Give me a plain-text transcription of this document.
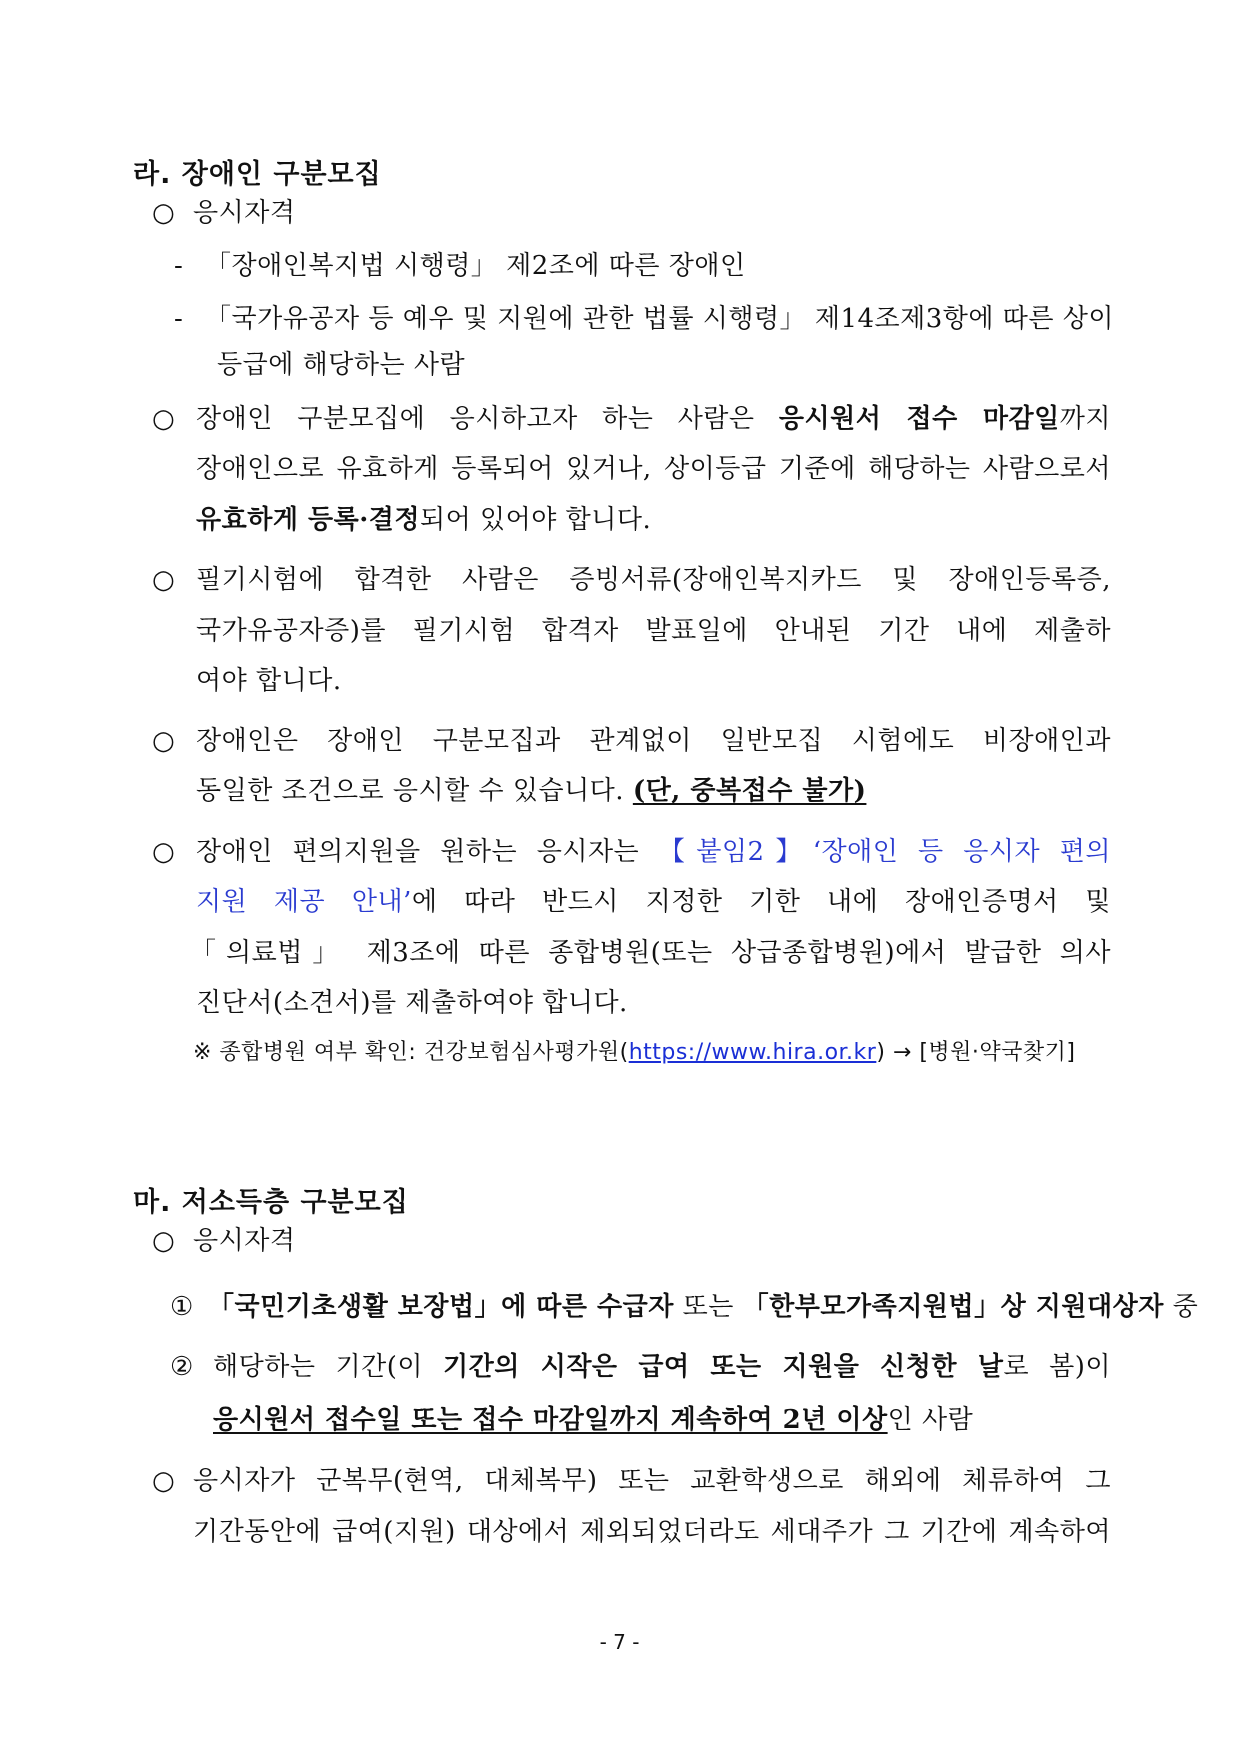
라. 장애인 구분모집
○ 응시자격
- 「장애인복지법 시행령」 제2조에 따른 장애인
- 「국가유공자 등 예우 및 지원에 관한 법률 시행령」 제14조제3항에 따른 상이
등급에 해당하는 사람
○ 장애인 구분모집에 응시하고자 하는 사람은 응시원서 접수 마감일까지
장애인으로 유효하게 등록되어 있거나, 상이등급 기준에 해당하는 사람으로서
유효하게 등록·결정되어 있어야 합니다.
○ 필기시험에 합격한 사람은 증빙서류(장애인복지카드 및 장애인등록증,
국가유공자증)를 필기시험 합격자 발표일에 안내된 기간 내에 제출하
여야 합니다.
○ 장애인은 장애인 구분모집과 관계없이 일반모집 시험에도 비장애인과
동일한 조건으로 응시할 수 있습니다. (단, 중복접수 불가)
○ 장애인 편의지원을 원하는 응시자는 【붙임2】‘장애인 등 응시자 편의
지원 제공 안내’에 따라 반드시 지정한 기한 내에 장애인증명서 및
「의료법」 제3조에 따른 종합병원(또는 상급종합병원)에서 발급한 의사
진단서(소견서)를 제출하여야 합니다.
※ 종합병원 여부 확인: 건강보험심사평가원(https://www.hira.or.kr) → [병원·약국찾기]
마. 저소득층 구분모집
○ 응시자격
① 「국민기초생활 보장법」에 따른 수급자 또는 「한부모가족지원법」상 지원대상자 중
② 해당하는 기간(이 기간의 시작은 급여 또는 지원을 신청한 날로 봄)이
응시원서 접수일 또는 접수 마감일까지 계속하여 2년 이상인 사람
○ 응시자가 군복무(현역, 대체복무) 또는 교환학생으로 해외에 체류하여 그
기간동안에 급여(지원) 대상에서 제외되었더라도 세대주가 그 기간에 계속하여
- 7 -
